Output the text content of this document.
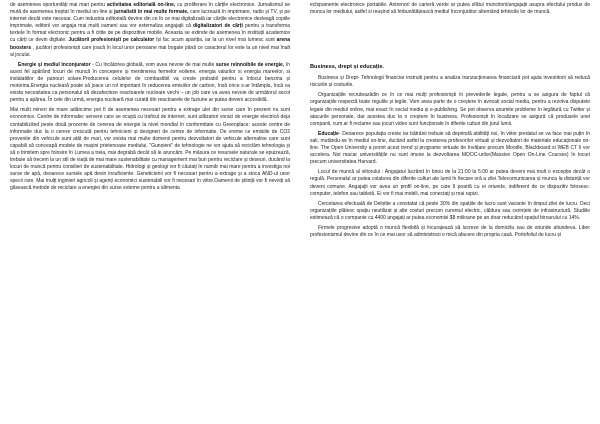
de asemenea oportunități mai mari pentru activitatea editorială on-line, cu proliferare în cărțile electronice. Jurnalismul se mută de asemenea treptat în mediul on-line și jurnalistii în mai multe formate, care lucrează în imprimare, radio și TV, și pe internet decât este necesar. Cum industria editorială devine din ce în ce mai digitalizată iar cărțile electronice dezleagă copiile imprimate, editorii vor angaja mai multi oameni sau vor externaliza angajații că digitalizatori de cărți pentru a transforma textele în format electronic pentru a fi citite de pe dispozitive mobile. Aceasta se extinde de asemenea în instituții academice cu cărți ce devin digitale. Jucătorii profesioniști pe calculator își fac acum apariția, iar la un nivel mai lumesc sunt arena boosters , jucători profesioniști care joacă în locul unor persoane mai bogate până ce caracterul lor este la un nivel mai înalt al jocului.

Energie și mediul înconjurator - Cu încălzirea globală, vom avea nevoie de mai multe surse reînnoibile de energie, în acest fel apărând locuri de muncă în concepere și mentinerea fermelor eoliene, energia valurilor si energia mareelor, si instalatiilor de panouri solare.Producerea celulelor de combustibil va creste probabil pentru a înlocui benzina și motorina.Energia nucleară poate să joace un rol important în reducerea emisiilor de carbon, însă orice s-ar întâmpla, încă va exista necesitatea ca personalul să dezafecteze reactoarele nucleare vechi – un job care va avea nevoie de următorul secol pentru a apărea. În cele din urmă, energia nucleară mai curată din reactoarele de fuziune ar putea deveni accesibilă.

Mai multi mineri de mare adâncime pot fi de asemenea necesari pentru a extrage ulei din surse care în prezent nu sunt economice. Centre de informatie: servere care se ocupă cu traficul de internet, sunt utilizatori voraci de energie electrică deja contabilizând peste două procente de cererea de energie la nivel mondial în conformitate cu Greenplace; aceste centre de informatie duc la o cerere crescută pentru tehnicieni și designeri de centre de informatie. De vreme ce emisiile de CO2 provenite din vehicule sunt atât de mari, vor exista mai multe domenii pentru dezvoltatori de vehicule alternative care sunt capabili să conceapă modele de mașini prietenoase mediului. "Gunoieni" de tehnologie ne vor ajuta să reciclăm tehnologia și să o trimitem spre folosire în Lumea a treia, mai degrabă decât să le aruncăm. Pe măsura ce resursele naturale se epuizează, trebuie să trecem la un stil de viață de mai mare sustenabilitate cu management mai bun pentru reciclare și deseuri, ducând la locuri de muncă pentru consilieri de sustenabilitate. Hidrologi și geologi vor fi căutați în număr mai mare pentru a investiga noi surse de apă, deoarece sursele apă devin insuficiente. Geneticienii vor fi necesari pentru a extrage și a stoca AND-ul unor specii rare. Mai mulți inginieri agricoli și agenți economici sustenabili vor fi necesari în viitor.Oamenii de știință vor fi nevoiți să găsească metode de reciclare a energiei din surse externe pentru a alimenta

echipamente electronice portabile. Antrenori de carieră verde ar putea sfătui muncitorii/angajații asupra efectului produs de munca lor mediului, astfel si reușind să îmbunătățească mediul înconjurător alternând tehnicile lor de muncă.

Business, drept și educație.

Business și Drept- Tehnologii financiar instruiti pentru a analiza tranzacționarea financiară pot ajuta investitorii să reducă riscurile și costurile.

Organizațiile recruteazădin ce în ce mai mulți profesioniști în prevederile legale, pentru a se asigura de faptul că organizațiile respectă toate regulile și legile. Vom avea parte de o creștere în avocati social media, pentru a rezolva disputele legale din mediul online, mai exact în social media și e-publishing. Se pot observa anumite probleme în legătură cu Twitter și atacurile personale, dar acestea duc la o creștere în business. Profesioniști în localizare se asigură că produsele unei companii, cum ar fi reclame sau jocuri video sunt funcționale în diferite culturi din jurul lumii.

Educație- Deoarece populația creste iar bătrânii trebuie să deprindă abilități noi, în viitor predatul se va face mai puțin în sali, mutându-se în mediul on-line, ducând astfel la cresterea profesorilor virtuali și dezvoltatori de materiale educaționale on-line. The Open University a pornit acest trend și programe virtuale de învățare precum Moodle, Blackboard si WEB CT îi vor accelera. Noi macar universitățile nu sunt imune la dezvoltarea MOOC-urilor(Massive Open On-Line Courses) în locuri precum universitatea Harvard.

Locul de muncă al viitorului : Angajatul lucrând în birou de la 21:00 la 5:00 ar putea deveni mai mult o excepție decât o regulă. Personalul ar putea colabora din diferite culturi ale lumii în fiecare oră a zilei.Telecomunicarea și munca la distanță vor deveni comune. Angajații vor avea un profil on-line, pe care îl poartă cu ei oriunde, indiferent de ce dispozitiv folosesc: computer, telefon sau tabletă. Ei vor fi mai mobili, mai conectați și mai rapizi.

Cercetarea efectuată de Deloitte a constatat că peste 30% din spațiile de lucru sunt vacante în timpul zilei de lucru. Deci organizațiile plătesc spațiu neutilizat și alte costuri precum curentul electric, căldura sau cerințele de infrastructură. Studiile estimează că o companie cu 4400 angajați ar putea economisi $8 milioane pe an doar reducând spațiul birourului cu 14%.

Firmele progresive adoptă o muncă flexibilă și încurajează să lucreze de la domiciliu sau de oriunde altundeva. Liber profesionismul devine din ce în ce mai usor să administrezi o mică afacere din propria casă. Portofoliul de lucru și
